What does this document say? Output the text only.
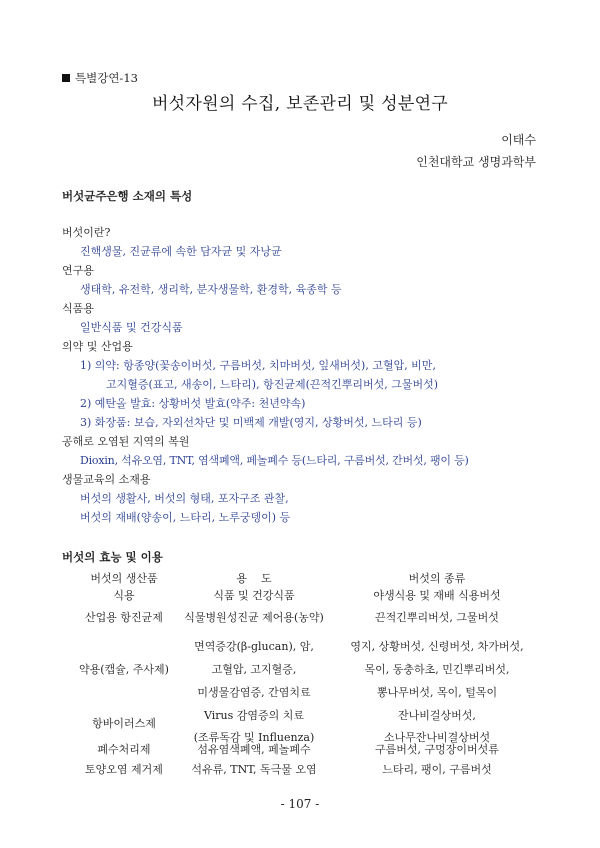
특별강연-13
버섯자원의 수집, 보존관리 및 성분연구
이태수
인천대학교 생명과학부
버섯균주은행 소재의 특성
버섯이란?
진핵생물, 진균류에 속한 담자균 및 자낭균
연구용
생태학, 유전학, 생리학, 분자생물학, 환경학, 육종학 등
식품용
일반식품 및 건강식품
의약 및 산업용
1) 의약: 항종양(꽃송이버섯, 구름버섯, 치마버섯, 잎새버섯), 고혈압, 비만,
고지혈증(표고, 새송이, 느타리), 항진균제(끈적긴뿌리버섯, 그물버섯)
2) 예탄올 발효: 상황버섯 발효(약주: 천년약속)
3) 화장품: 보습, 자외선차단 및 미백제 개발(영지, 상황버섯, 느타리 등)
공해로 오염된 지역의 복원
Dioxin, 석유오염, TNT, 염색폐액, 페놀폐수 등(느타리, 구름버섯, 간버섯, 팽이 등)
생물교육의 소재용
버섯의 생활사, 버섯의 형태, 포자구조 관찰,
버섯의 재배(양송이, 느타리, 노루궁뎅이) 등
버섯의 효능 및 이용
버섯의 생산품
식용
산업용 항진균제
약용(캡슐, 주사제)
항바이러스제
폐수처리제
토양오염 제거제
용    도
식품 및 건강식품
식물병원성진균 제어용(농약)
면역증강(β-glucan), 암,
고혈압, 고지혈증,
미생물감염증, 간염치료
Virus 감염증의 치료
(조류독감 및 Influenza)
섬유염색폐액, 페놀폐수
석유류, TNT, 독극물 오염
버섯의 종류
야생식용 및 재배 식용버섯
끈적긴뿌리버섯, 그물버섯
영지, 상황버섯, 신령버섯, 차가버섯,
목이, 동충하초, 민긴뿌리버섯,
뽕나무버섯, 목이, 털목이
잔나비걸상버섯,
소나무잔나비결상버섯
구름버섯, 구멍장이버섯류
느타리, 팽이, 구름버섯
- 107 -
